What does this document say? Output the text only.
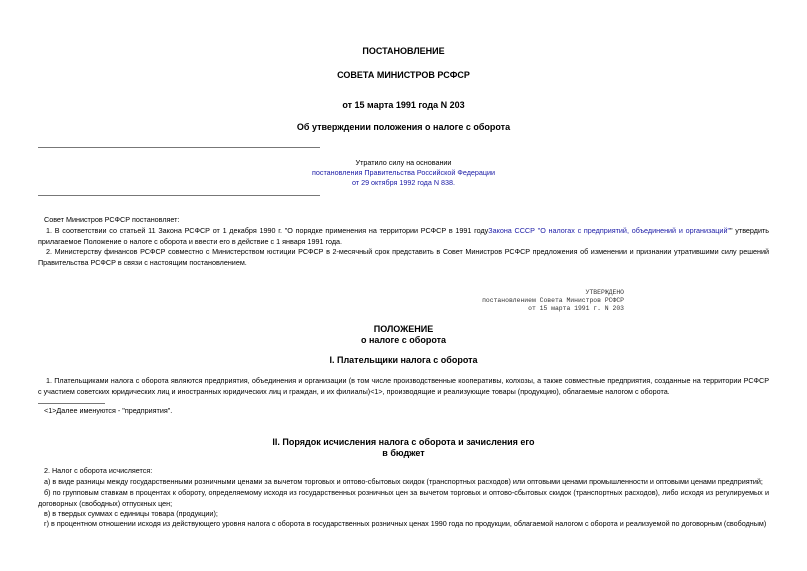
ПОСТАНОВЛЕНИЕ
СОВЕТА МИНИСТРОВ РСФСР
от 15 марта 1991 года N 203
Об утверждении положения о налоге с оборота
Утратило силу на основании
постановления Правительства Российской Федерации
от 29 октября 1992 года N 838.
Совет Министров РСФСР постановляет:
1. В соответствии со статьей 11 Закона РСФСР от 1 декабря 1990 г. "О порядке применения на территории РСФСР в 1991 годуЗакона СССР "О налогах с предприятий, объединений и организаций"" утвердить прилагаемое Положение о налоге с оборота и ввести его в действие с 1 января 1991 года.
2. Министерству финансов РСФСР совместно с Министерством юстиции РСФСР в 2-месячный срок представить в Совет Министров РСФСР предложения об изменении и признании утратившими силу решений Правительства РСФСР в связи с настоящим постановлением.
УТВЕРЖДЕНО
постановлением Совета Министров РСФСР
от 15 марта 1991 г. N 203
ПОЛОЖЕНИЕ
о налоге с оборота
I. Плательщики налога с оборота
1. Плательщиками налога с оборота являются предприятия, объединения и организации (в том числе производственные кооперативы, колхозы, а также совместные предприятия, созданные на территории РСФСР с участием советских юридических лиц и иностранных юридических лиц и граждан, и их филиалы)<1>, производящие и реализующие товары (продукцию), облагаемые налогом с оборота.
<1>Далее именуются - "предприятия".
II. Порядок исчисления налога с оборота и зачисления его
в бюджет
2. Налог с оборота исчисляется:
а) в виде разницы между государственными розничными ценами за вычетом торговых и оптово-сбытовых скидок (транспортных расходов) или оптовыми ценами промышленности и оптовыми ценами предприятий;
б) по групповым ставкам в процентах к обороту, определяемому исходя из государственных розничных цен за вычетом торговых и оптово-сбытовых скидок (транспортных расходов), либо исходя из регулируемых и договорных (свободных) отпускных цен;
в) в твердых суммах с единицы товара (продукции);
г) в процентном отношении исходя из действующего уровня налога с оборота в государственных розничных ценах 1990 года по продукции, облагаемой налогом с оборота и реализуемой по договорным (свободным)
